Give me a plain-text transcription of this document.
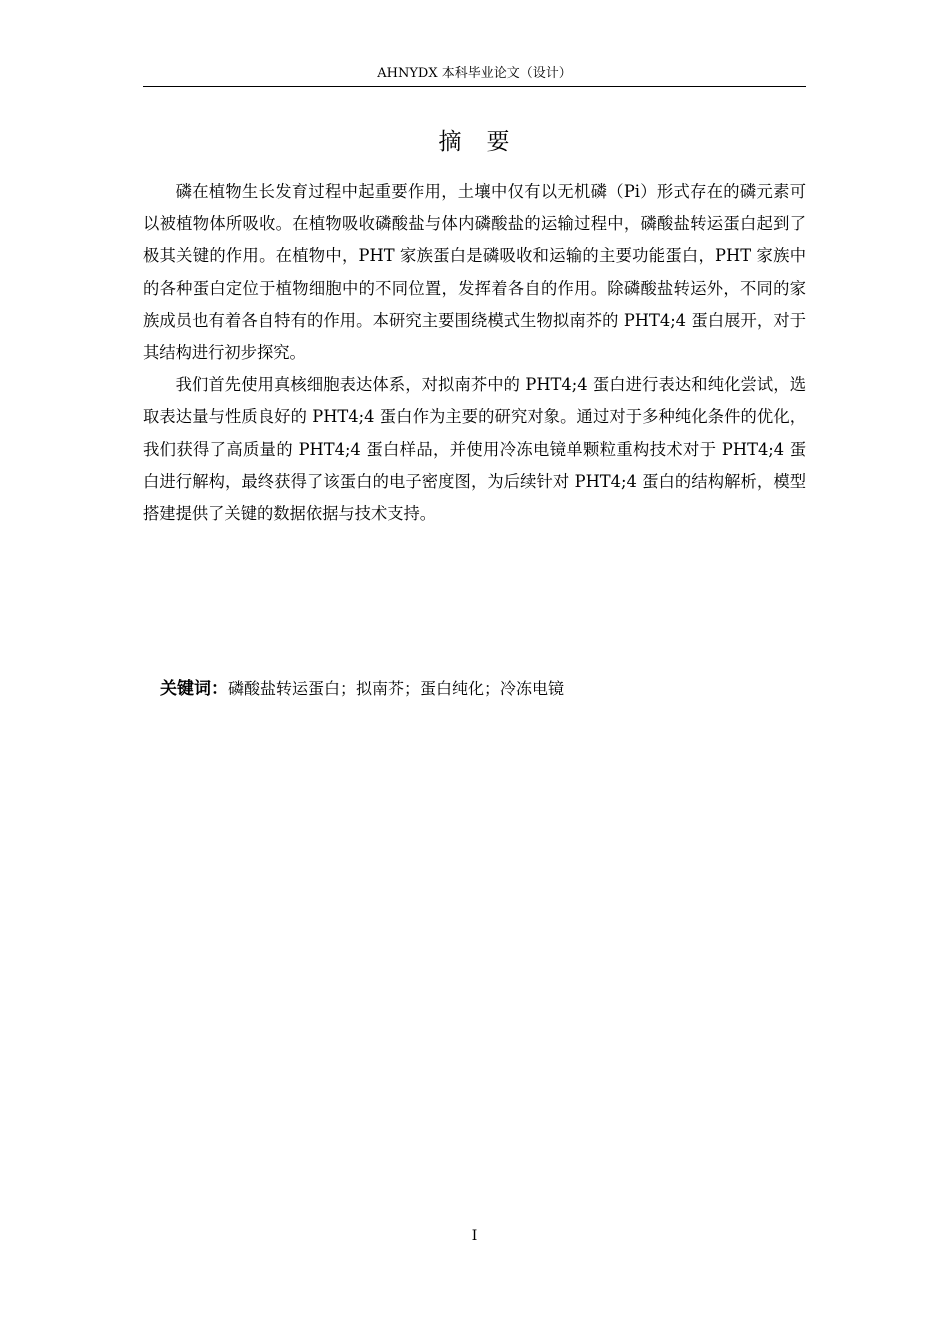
AHNYDX 本科毕业论文（设计）
摘　要

磷在植物生长发育过程中起重要作用，土壤中仅有以无机磷（Pi）形式存在的磷元素可以被植物体所吸收。在植物吸收磷酸盐与体内磷酸盐的运输过程中，磷酸盐转运蛋白起到了极其关键的作用。在植物中，PHT 家族蛋白是磷吸收和运输的主要功能蛋白，PHT 家族中的各种蛋白定位于植物细胞中的不同位置，发挥着各自的作用。除磷酸盐转运外，不同的家族成员也有着各自特有的作用。本研究主要围绕模式生物拟南芥的 PHT4;4 蛋白展开，对于其结构进行初步探究。

我们首先使用真核细胞表达体系，对拟南芥中的 PHT4;4 蛋白进行表达和纯化尝试，选取表达量与性质良好的 PHT4;4 蛋白作为主要的研究对象。通过对于多种纯化条件的优化，我们获得了高质量的 PHT4;4 蛋白样品，并使用冷冻电镜单颗粒重构技术对于 PHT4;4 蛋白进行解构，最终获得了该蛋白的电子密度图，为后续针对 PHT4;4 蛋白的结构解析，模型搭建提供了关键的数据依据与技术支持。

关键词：磷酸盐转运蛋白；拟南芥；蛋白纯化；冷冻电镜
I
